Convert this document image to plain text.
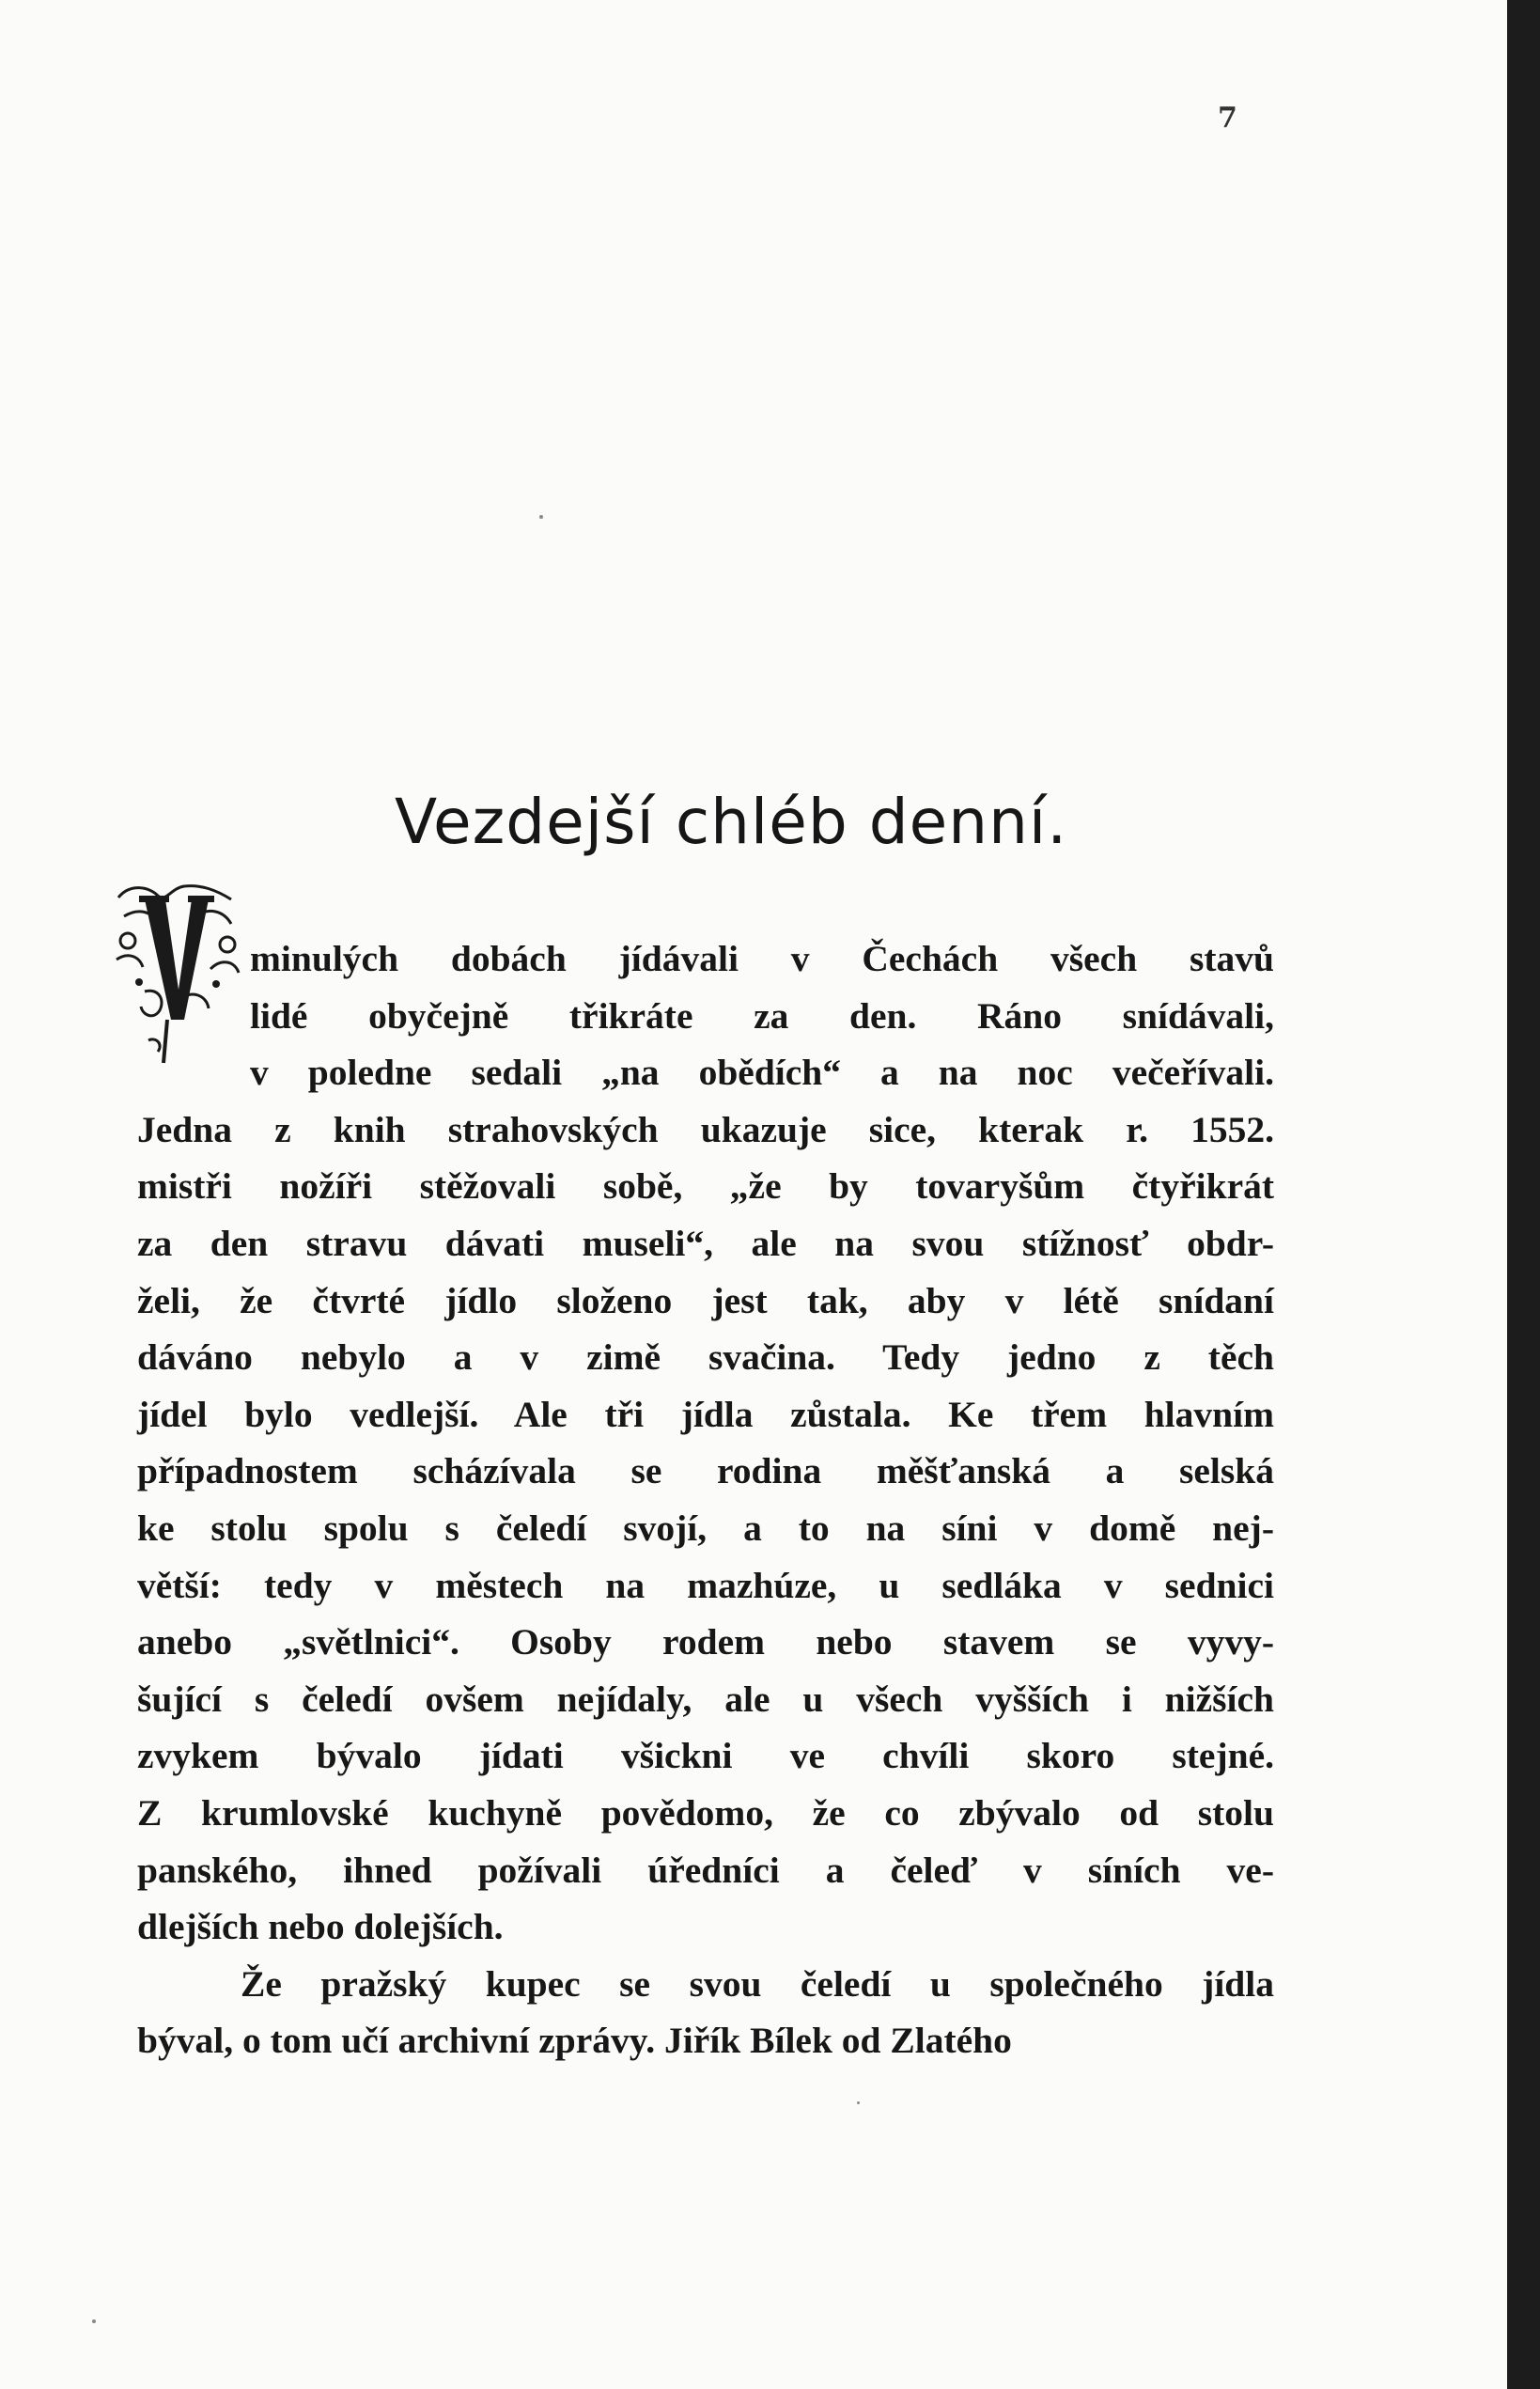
7
Vezdejší chléb denní.
minulých dobách jídávali v Čechách všech stavů
lidé obyčejně třikráte za den. Ráno snídávali,
v poledne sedali „na obědích“ a na noc večeřívali.
Jedna z knih strahovských ukazuje sice, kterak r. 1552.
mistři nožíři stěžovali sobě, „že by tovaryšům čtyřikrát
za den stravu dávati museli“, ale na svou stížnosť obdr-
želi, že čtvrté jídlo složeno jest tak, aby v létě snídaní
dáváno nebylo a v zimě svačina. Tedy jedno z těch
jídel bylo vedlejší. Ale tři jídla zůstala. Ke třem hlavním
případnostem scházívala se rodina měšťanská a selská
ke stolu spolu s čeledí svojí, a to na síni v domě nej-
větší: tedy v městech na mazhúze, u sedláka v sednici
anebo „světlnici“. Osoby rodem nebo stavem se vyvy-
šující s čeledí ovšem nejídaly, ale u všech vyšších i nižších
zvykem bývalo jídati všickni ve chvíli skoro stejné.
Z krumlovské kuchyně povědomo, že co zbývalo od stolu
panského, ihned požívali úředníci a čeleď v síních ve-
dlejších nebo dolejších.
Že pražský kupec se svou čeledí u společného jídla
býval, o tom učí archivní zprávy. Jiřík Bílek od Zlatého
